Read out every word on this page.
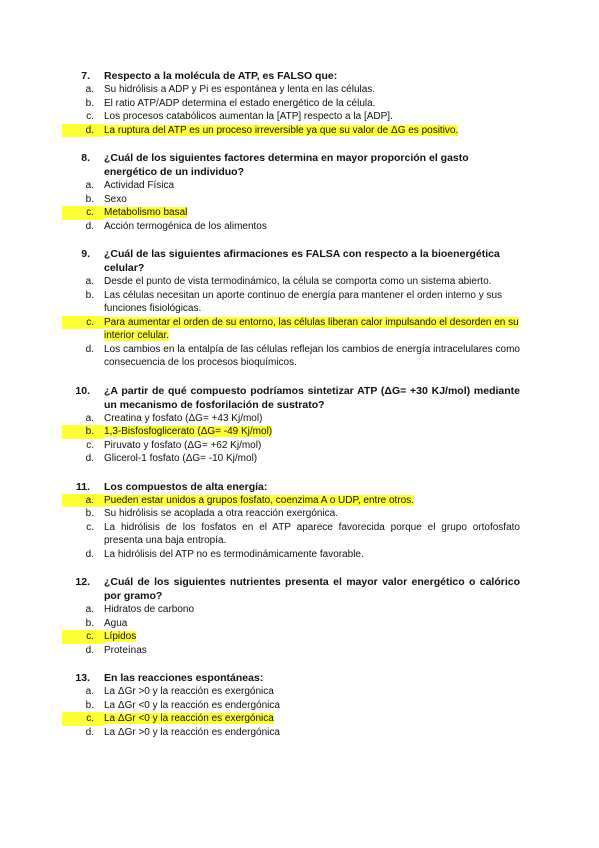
7.	Respecto a la molécula de ATP, es FALSO que:
a.	Su hidrólisis a ADP y Pi es espontánea y lenta en las células.
b.	El ratio ATP/ADP determina el estado energético de la célula.
c.	Los procesos catabólicos aumentan la [ATP] respecto a la [ADP].
d.	La ruptura del ATP es un proceso irreversible ya que su valor de ΔG es positivo.
8.	¿Cuál de los siguientes factores determina en mayor proporción el gasto energético de un individuo?
a.	Actividad Física
b.	Sexo
c.	Metabolismo basal
d.	Acción termogénica de los alimentos
9.	¿Cuál de las siguientes afirmaciones es FALSA con respecto a la bioenergética celular?
a.	Desde el punto de vista termodinámico, la célula se comporta como un sistema abierto.
b.	Las células necesitan un aporte continuo de energía para mantener el orden interno y sus funciones fisiológicas.
c.	Para aumentar el orden de su entorno, las células liberan calor impulsando el desorden en su interior celular.
d.	Los cambios en la entalpía de las células reflejan los cambios de energía intracelulares como consecuencia de los procesos bioquímicos.
10.	¿A partir de qué compuesto podríamos sintetizar ATP (ΔG= +30 KJ/mol) mediante un mecanismo de fosforilación de sustrato?
a.	Creatina y fosfato (ΔG= +43 Kj/mol)
b.	1,3-Bisfosfoglicerato (ΔG= -49 Kj/mol)
c.	Piruvato y fosfato (ΔG= +62 Kj/mol)
d.	Glicerol-1 fosfato (ΔG= -10 Kj/mol)
11.	Los compuestos de alta energía:
a.	Pueden estar unidos a grupos fosfato, coenzima A o UDP, entre otros.
b.	Su hidrólisis se acoplada a otra reacción exergónica.
c.	La hidrólisis de los fosfatos en el ATP aparece favorecida porque el grupo ortofosfato presenta una baja entropía.
d.	La hidrólisis del ATP no es termodinámicamente favorable.
12.	¿Cuál de los siguientes nutrientes presenta el mayor valor energético o calórico por gramo?
a.	Hidratos de carbono
b.	Agua
c.	Lípidos
d.	Proteínas
13.	En las reacciones espontáneas:
a.	La ΔGr >0 y la reacción es exergónica
b.	La ΔGr <0 y la reacción es endergónica
c.	La ΔGr <0 y la reacción es exergónica
d.	La ΔGr >0 y la reacción es endergónica
